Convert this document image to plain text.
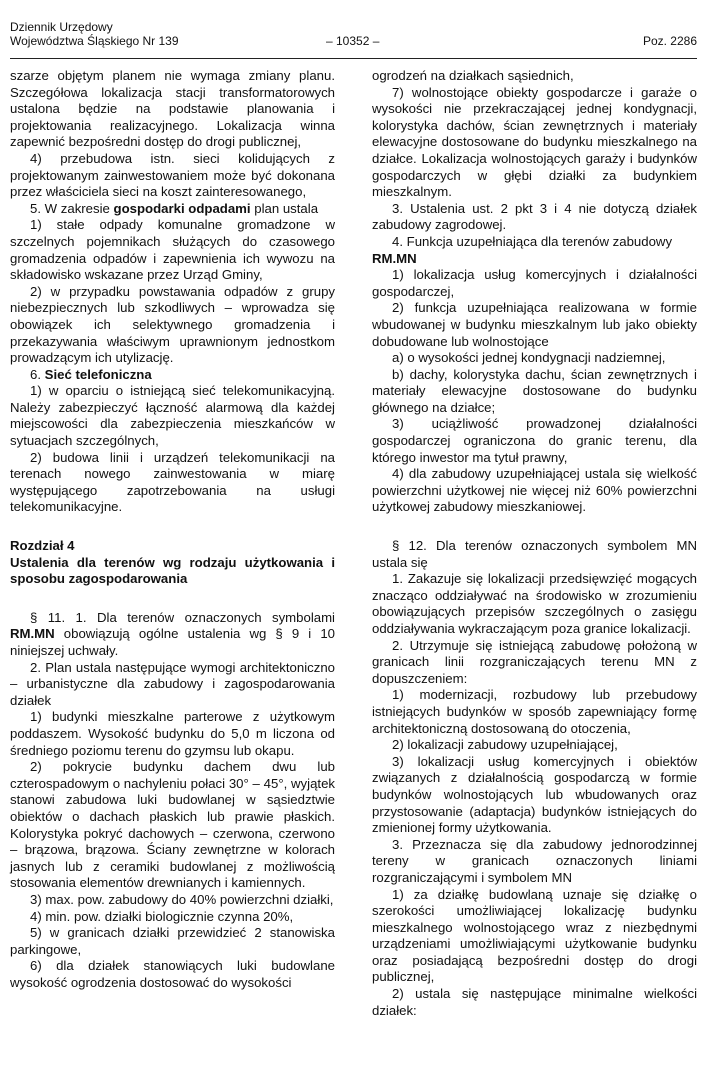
Dziennik Urzędowy
Województwa Śląskiego Nr 139	– 10352 –	Poz. 2286

szarze objętym planem nie wymaga zmiany planu. Szczegółowa lokalizacja stacji transformatorowych ustalona będzie na podstawie planowania i projektowania realizacyjnego. Lokalizacja winna zapewnić bezpośredni dostęp do drogi publicznej,

4) przebudowa istn. sieci kolidujących z projektowanym zainwestowaniem może być dokonana przez właściciela sieci na koszt zainteresowanego,

5. W zakresie gospodarki odpadami plan ustala

1) stałe odpady komunalne gromadzone w szczelnych pojemnikach służących do czasowego gromadzenia odpadów i zapewnienia ich wywozu na składowisko wskazane przez Urząd Gminy,

2) w przypadku powstawania odpadów z grupy niebezpiecznych lub szkodliwych – wprowadza się obowiązek ich selektywnego gromadzenia i przekazywania właściwym uprawnionym jednostkom prowadzącym ich utylizację.

6. Sieć telefoniczna

1) w oparciu o istniejącą sieć telekomunikacyjną. Należy zabezpieczyć łączność alarmową dla każdej miejscowości dla zabezpieczenia mieszkańców w sytuacjach szczególnych,

2) budowa linii i urządzeń telekomunikacji na terenach nowego zainwestowania w miarę występującego zapotrzebowania na usługi telekomunikacyjne.

Rozdział 4

Ustalenia dla terenów wg rodzaju użytkowania i sposobu zagospodarowania

§ 11. 1. Dla terenów oznaczonych symbolami RM.MN obowiązują ogólne ustalenia wg § 9 i 10 niniejszej uchwały.

2. Plan ustala następujące wymogi architektoniczno – urbanistyczne dla zabudowy i zagospodarowania działek

1) budynki mieszkalne parterowe z użytkowym poddaszem. Wysokość budynku do 5,0 m liczona od średniego poziomu terenu do gzymsu lub okapu.

2) pokrycie budynku dachem dwu lub czterospadowym o nachyleniu połaci 30° – 45°, wyjątek stanowi zabudowa luki budowlanej w sąsiedztwie obiektów o dachach płaskich lub prawie płaskich. Kolorystyka pokryć dachowych – czerwona, czerwono – brązowa, brązowa. Ściany zewnętrzne w kolorach jasnych lub z ceramiki budowlanej z możliwością stosowania elementów drewnianych i kamiennych.

3) max. pow. zabudowy do 40% powierzchni działki,

4) min. pow. działki biologicznie czynna 20%,

5) w granicach działki przewidzieć 2 stanowiska parkingowe,

6) dla działek stanowiących luki budowlane wysokość ogrodzenia dostosować do wysokości

ogrodzeń na działkach sąsiednich,

7) wolnostojące obiekty gospodarcze i garaże o wysokości nie przekraczającej jednej kondygnacji, kolorystyka dachów, ścian zewnętrznych i materiały elewacyjne dostosowane do budynku mieszkalnego na działce. Lokalizacja wolnostojących garaży i budynków gospodarczych w głębi działki za budynkiem mieszkalnym.

3. Ustalenia ust. 2 pkt 3 i 4 nie dotyczą działek zabudowy zagrodowej.

4. Funkcja uzupełniająca dla terenów zabudowy
RM.MN

1) lokalizacja usług komercyjnych i działalności gospodarczej,

2) funkcja uzupełniająca realizowana w formie wbudowanej w budynku mieszkalnym lub jako obiekty dobudowane lub wolnostojące

a) o wysokości jednej kondygnacji nadziemnej,

b) dachy, kolorystyka dachu, ścian zewnętrznych i materiały elewacyjne dostosowane do budynku głównego na działce;

3) uciążliwość prowadzonej działalności gospodarczej ograniczona do granic terenu, dla którego inwestor ma tytuł prawny,

4) dla zabudowy uzupełniającej ustala się wielkość powierzchni użytkowej nie więcej niż 60% powierzchni użytkowej zabudowy mieszkaniowej.

§ 12. Dla terenów oznaczonych symbolem MN ustala się

1. Zakazuje się lokalizacji przedsięwzięć mogących znacząco oddziaływać na środowisko w zrozumieniu obowiązujących przepisów szczególnych o zasięgu oddziaływania wykraczającym poza granice lokalizacji.

2. Utrzymuje się istniejącą zabudowę położoną w granicach linii rozgraniczających terenu MN z dopuszczeniem:

1) modernizacji, rozbudowy lub przebudowy istniejących budynków w sposób zapewniający formę architektoniczną dostosowaną do otoczenia,

2) lokalizacji zabudowy uzupełniającej,

3) lokalizacji usług komercyjnych i obiektów związanych z działalnością gospodarczą w formie budynków wolnostojących lub wbudowanych oraz przystosowanie (adaptacja) budynków istniejących do zmienionej formy użytkowania.

3. Przeznacza się dla zabudowy jednorodzinnej tereny w granicach oznaczonych liniami rozgraniczającymi i symbolem MN

1) za działkę budowlaną uznaje się działkę o szerokości umożliwiającej lokalizację budynku mieszkalnego wolnostojącego wraz z niezbędnymi urządzeniami umożliwiającymi użytkowanie budynku oraz posiadającą bezpośredni dostęp do drogi publicznej,

2) ustala się następujące minimalne wielkości działek:
